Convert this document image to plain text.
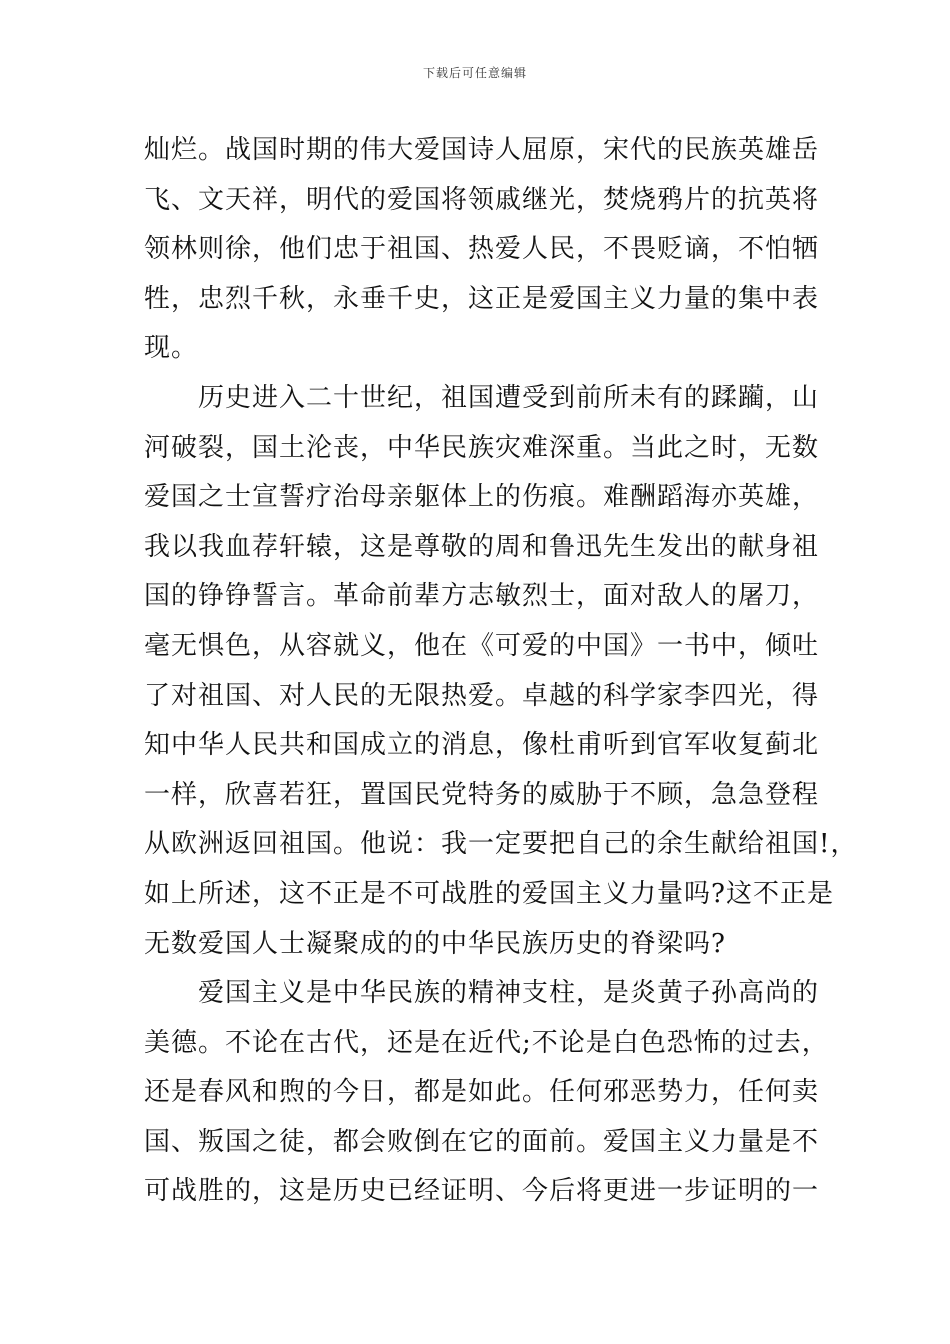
下载后可任意编辑
灿烂。战国时期的伟大爱国诗人屈原，宋代的民族英雄岳
飞、文天祥，明代的爱国将领戚继光，焚烧鸦片的抗英将
领林则徐，他们忠于祖国、热爱人民，不畏贬谪，不怕牺
牲，忠烈千秋，永垂千史，这正是爱国主义力量的集中表
现。
历史进入二十世纪，祖国遭受到前所未有的蹂躏，山
河破裂，国土沦丧，中华民族灾难深重。当此之时，无数
爱国之士宣誓疗治母亲躯体上的伤痕。难酬蹈海亦英雄，
我以我血荐轩辕，这是尊敬的周和鲁迅先生发出的献身祖
国的铮铮誓言。革命前辈方志敏烈士，面对敌人的屠刀，
毫无惧色，从容就义，他在《可爱的中国》一书中，倾吐
了对祖国、对人民的无限热爱。卓越的科学家李四光，得
知中华人民共和国成立的消息，像杜甫听到官军收复蓟北
一样，欣喜若狂，置国民党特务的威胁于不顾，急急登程
从欧洲返回祖国。他说：我一定要把自己的余生献给祖国!，
如上所述，这不正是不可战胜的爱国主义力量吗?这不正是
无数爱国人士凝聚成的的中华民族历史的脊梁吗?
爱国主义是中华民族的精神支柱，是炎黄子孙高尚的
美德。不论在古代，还是在近代;不论是白色恐怖的过去，
还是春风和煦的今日，都是如此。任何邪恶势力，任何卖
国、叛国之徒，都会败倒在它的面前。爱国主义力量是不
可战胜的，这是历史已经证明、今后将更进一步证明的一
